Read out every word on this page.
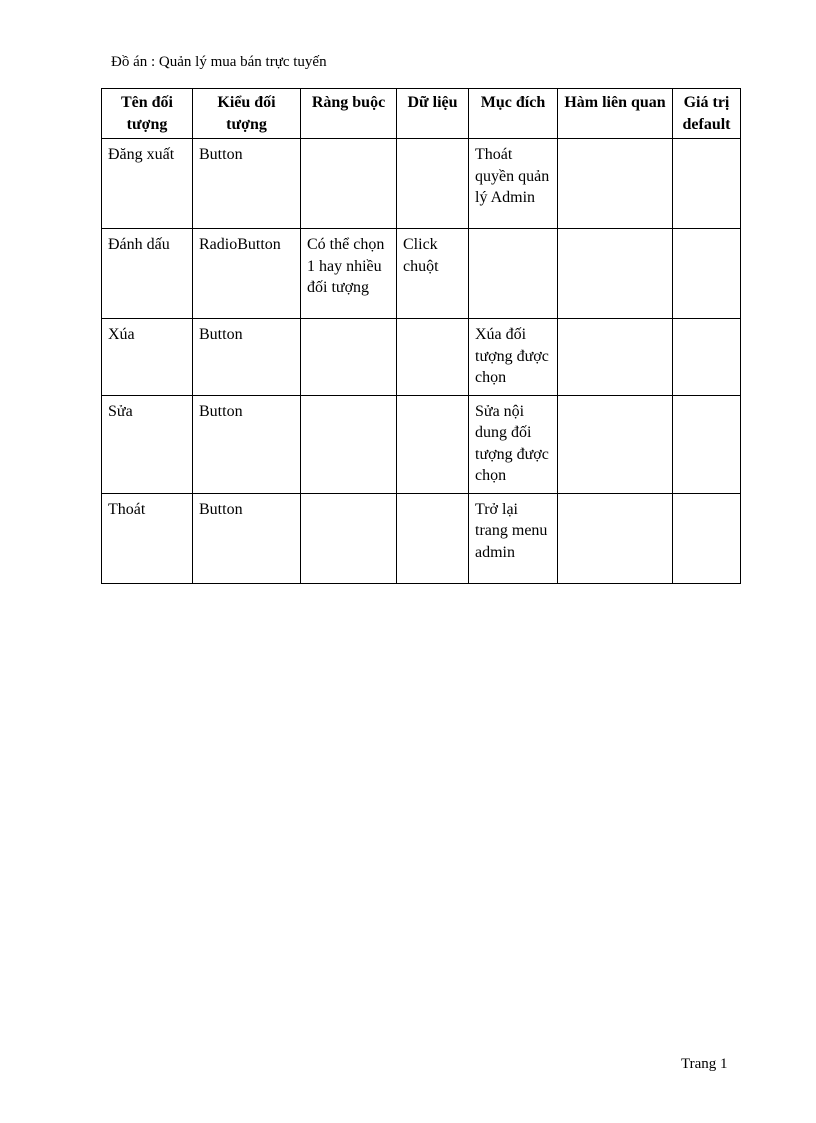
Đồ án : Quản lý mua bán trực tuyến
Tên đối tượng	Kiểu đối tượng	Ràng buộc	Dữ liệu	Mục đích	Hàm liên quan	Giá trị default
Đăng xuất	Button			Thoát quyền quản lý Admin		
Đánh dấu	RadioButton	Có thể chọn 1 hay nhiều đối tượng	Click chuột			
Xúa	Button			Xúa đối tượng được chọn		
Sửa	Button			Sửa nội dung đối tượng được chọn		
Thoát	Button			Trở lại trang menu admin		
Trang 1
